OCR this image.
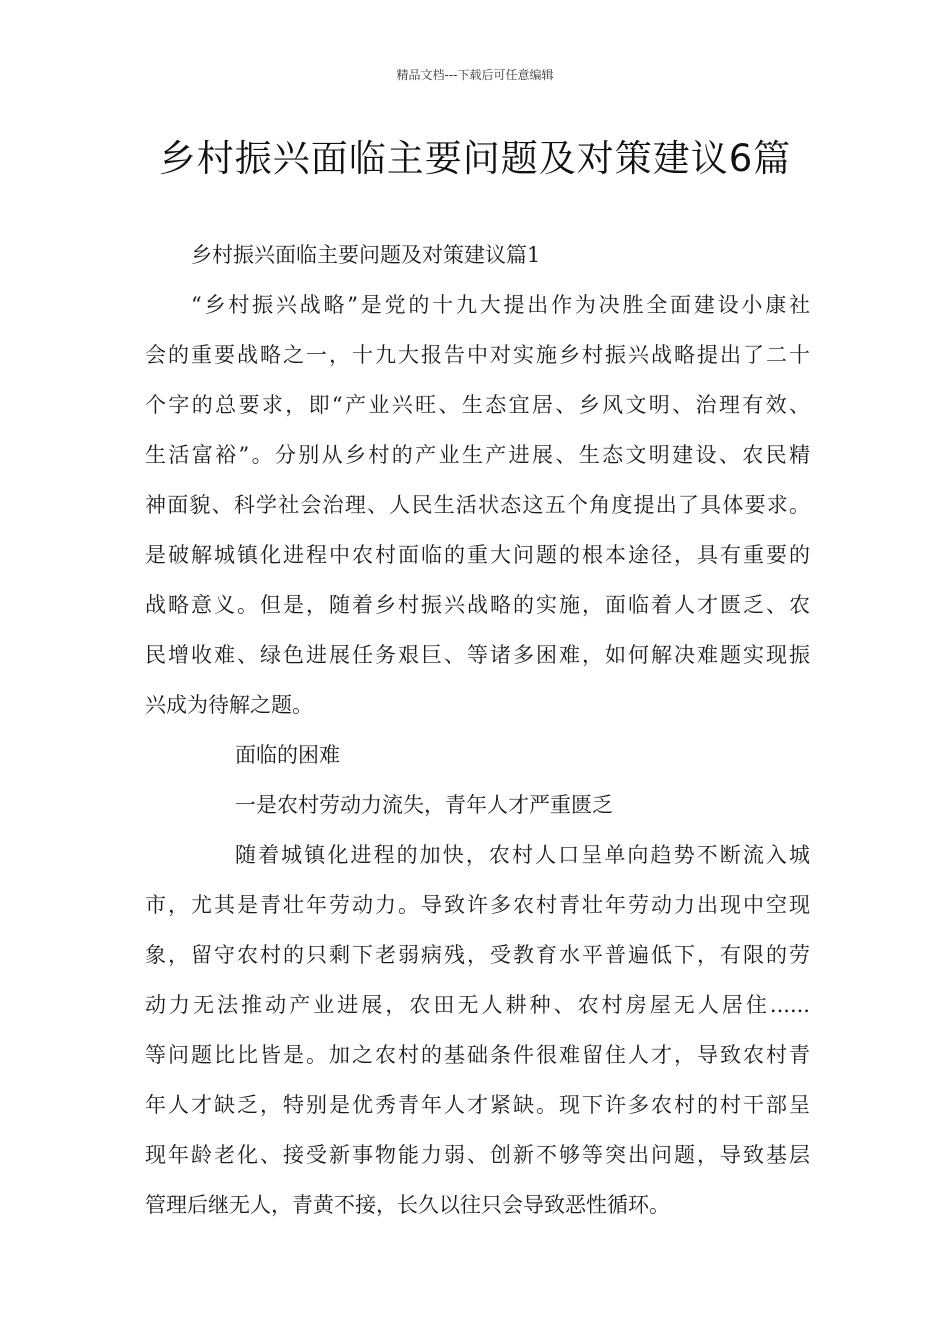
精品文档---下载后可任意编辑
乡村振兴面临主要问题及对策建议6篇
乡村振兴面临主要问题及对策建议篇1
“乡村振兴战略”是党的十九大提出作为决胜全面建设小康社
会的重要战略之一，十九大报告中对实施乡村振兴战略提出了二十
个字的总要求，即“产业兴旺、生态宜居、乡风文明、治理有效、
生活富裕”。分别从乡村的产业生产进展、生态文明建设、农民精
神面貌、科学社会治理、人民生活状态这五个角度提出了具体要求。
是破解城镇化进程中农村面临的重大问题的根本途径，具有重要的
战略意义。但是，随着乡村振兴战略的实施，面临着人才匮乏、农
民增收难、绿色进展任务艰巨、等诸多困难，如何解决难题实现振
兴成为待解之题。
面临的困难
一是农村劳动力流失，青年人才严重匮乏
随着城镇化进程的加快，农村人口呈单向趋势不断流入城
市，尤其是青壮年劳动力。导致许多农村青壮年劳动力出现中空现
象，留守农村的只剩下老弱病残，受教育水平普遍低下，有限的劳
动力无法推动产业进展，农田无人耕种、农村房屋无人居住......
等问题比比皆是。加之农村的基础条件很难留住人才，导致农村青
年人才缺乏，特别是优秀青年人才紧缺。现下许多农村的村干部呈
现年龄老化、接受新事物能力弱、创新不够等突出问题，导致基层
管理后继无人，青黄不接，长久以往只会导致恶性循环。
